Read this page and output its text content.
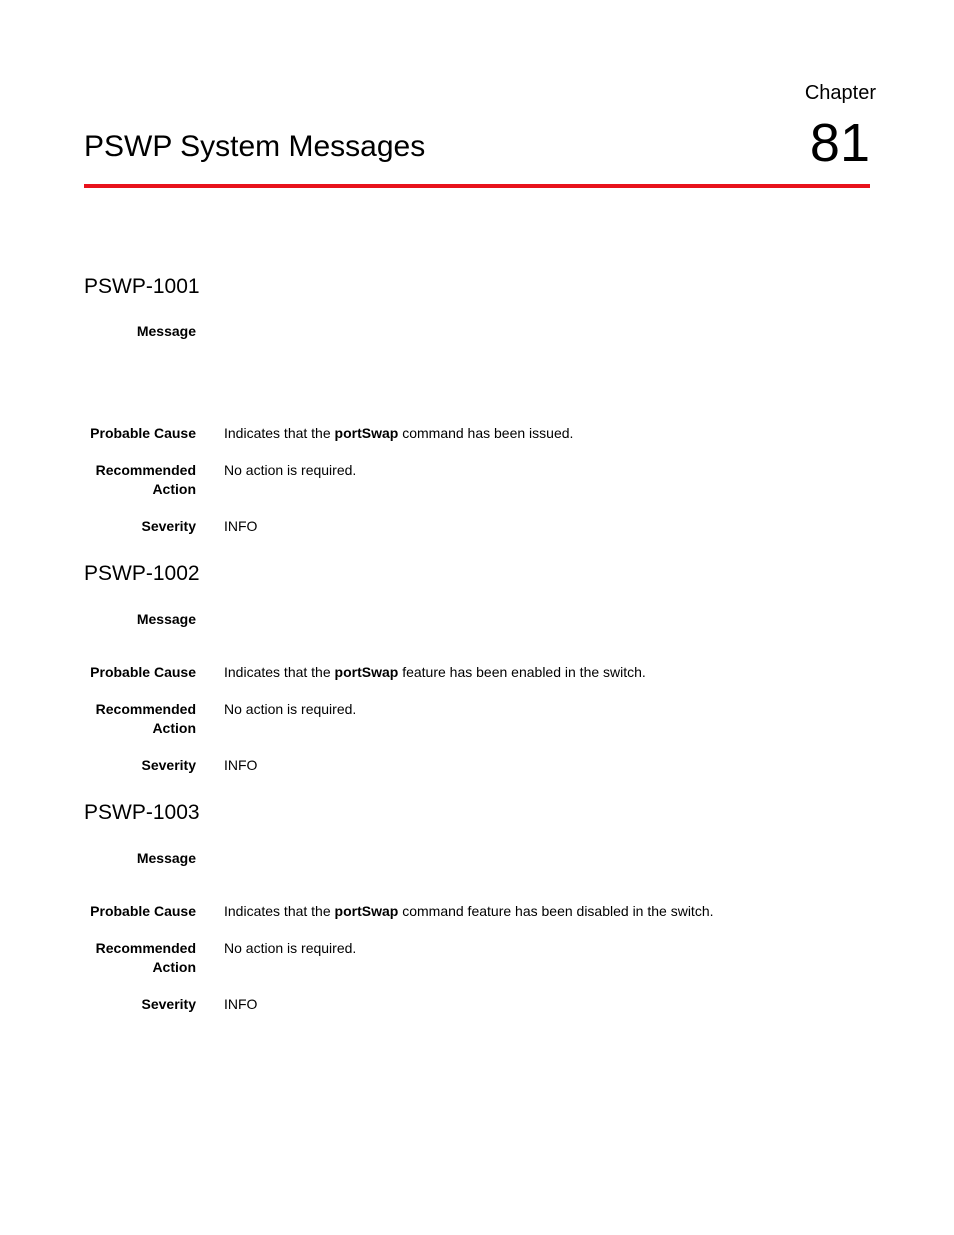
Chapter
81
PSWP System Messages
PSWP-1001
Message
Probable Cause Indicates that the portSwap command has been issued.
Recommended
Action
No action is required.
Severity INFO
PSWP-1002
Message
Probable Cause Indicates that the portSwap feature has been enabled in the switch.
Recommended
Action
No action is required.
Severity INFO
PSWP-1003
Message
Probable Cause Indicates that the portSwap command feature has been disabled in the switch.
Recommended
Action
No action is required.
Severity INFO
